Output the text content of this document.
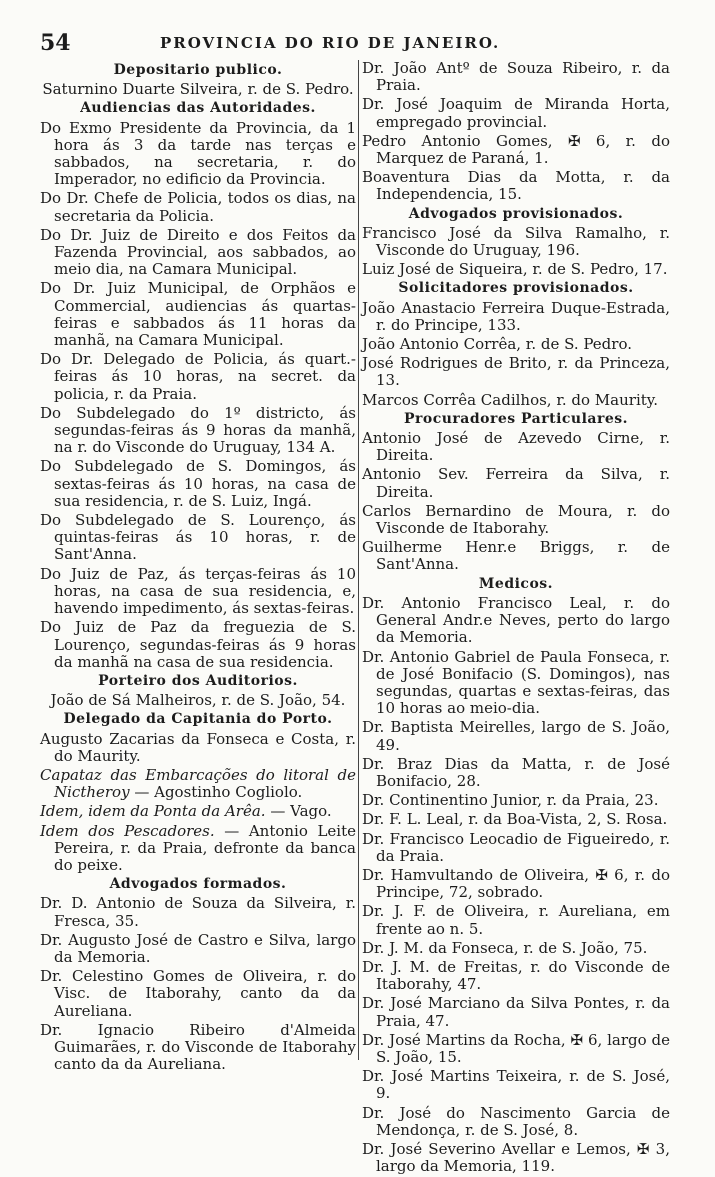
54	PROVINCIA DO RIO DE JANEIRO.
Depositario publico.
Saturnino Duarte Silveira, r. de S. Pedro.
Audiencias das Autoridades.
Do Exmo Presidente da Provincia, da 1 hora ás 3 da tarde nas terças e sabbados, na secretaria, r. do Imperador, no edificio da Provincia.
Do Dr. Chefe de Policia, todos os dias, na secretaria da Policia.
Do Dr. Juiz de Direito e dos Feitos da Fazenda Provincial, aos sabbados, ao meio dia, na Camara Municipal.
Do Dr. Juiz Municipal, de Orphãos e Commercial, audiencias ás quartas-feiras e sabbados ás 11 horas da manhã, na Camara Municipal.
Do Dr. Delegado de Policia, ás quart.-feiras ás 10 horas, na secret. da policia, r. da Praia.
Do Subdelegado do 1º districto, ás segundas-feiras ás 9 horas da manhã, na r. do Visconde do Uruguay, 134 A.
Do Subdelegado de S. Domingos, ás sextas-feiras ás 10 horas, na casa de sua residencia, r. de S. Luiz, Ingá.
Do Subdelegado de S. Lourenço, ás quintas-feiras ás 10 horas, r. de Sant'Anna.
Do Juiz de Paz, ás terças-feiras ás 10 horas, na casa de sua residencia, e, havendo impedimento, ás sextas-feiras.
Do Juiz de Paz da freguezia de S. Lourenço, segundas-feiras ás 9 horas da manhã na casa de sua residencia.
Porteiro dos Auditorios.
João de Sá Malheiros, r. de S. João, 54.
Delegado da Capitania do Porto.
Augusto Zacarias da Fonseca e Costa, r. do Maurity.
Capataz das Embarcações do litoral de Nictheroy — Agostinho Cogliolo.
Idem, idem da Ponta da Arêa. — Vago.
Idem dos Pescadores. — Antonio Leite Pereira, r. da Praia, defronte da banca do peixe.
Advogados formados.
Dr. D. Antonio de Souza da Silveira, r. Fresca, 35.
Dr. Augusto José de Castro e Silva, largo da Memoria.
Dr. Celestino Gomes de Oliveira, r. do Visc. de Itaborahy, canto da da Aureliana.
Dr. Ignacio Ribeiro d'Almeida Guimarães, r. do Visconde de Itaborahy canto da da Aureliana.
Dr. João Antº de Souza Ribeiro, r. da Praia.
Dr. José Joaquim de Miranda Horta, empregado provincial.
Pedro Antonio Gomes, ✠ 6, r. do Marquez de Paraná, 1.
Boaventura Dias da Motta, r. da Independencia, 15.
Advogados provisionados.
Francisco José da Silva Ramalho, r. Visconde do Uruguay, 196.
Luiz José de Siqueira, r. de S. Pedro, 17.
Solicitadores provisionados.
João Anastacio Ferreira Duque-Estrada, r. do Principe, 133.
João Antonio Corrêa, r. de S. Pedro.
José Rodrigues de Brito, r. da Princeza, 13.
Marcos Corrêa Cadilhos, r. do Maurity.
Procuradores Particulares.
Antonio José de Azevedo Cirne, r. Direita.
Antonio Sev. Ferreira da Silva, r. Direita.
Carlos Bernardino de Moura, r. do Visconde de Itaborahy.
Guilherme Henr.e Briggs, r. de Sant'Anna.
Medicos.
Dr. Antonio Francisco Leal, r. do General Andr.e Neves, perto do largo da Memoria.
Dr. Antonio Gabriel de Paula Fonseca, r. de José Bonifacio (S. Domingos), nas segundas, quartas e sextas-feiras, das 10 horas ao meio-dia.
Dr. Baptista Meirelles, largo de S. João, 49.
Dr. Braz Dias da Matta, r. de José Bonifacio, 28.
Dr. Continentino Junior, r. da Praia, 23.
Dr. F. L. Leal, r. da Boa-Vista, 2, S. Rosa.
Dr. Francisco Leocadio de Figueiredo, r. da Praia.
Dr. Hamvultando de Oliveira, ✠ 6, r. do Principe, 72, sobrado.
Dr. J. F. de Oliveira, r. Aureliana, em frente ao n. 5.
Dr. J. M. da Fonseca, r. de S. João, 75.
Dr. J. M. de Freitas, r. do Visconde de Itaborahy, 47.
Dr. José Marciano da Silva Pontes, r. da Praia, 47.
Dr. José Martins da Rocha, ✠ 6, largo de S. João, 15.
Dr. José Martins Teixeira, r. de S. José, 9.
Dr. José do Nascimento Garcia de Mendonça, r. de S. José, 8.
Dr. José Severino Avellar e Lemos, ✠ 3, largo da Memoria, 119.
